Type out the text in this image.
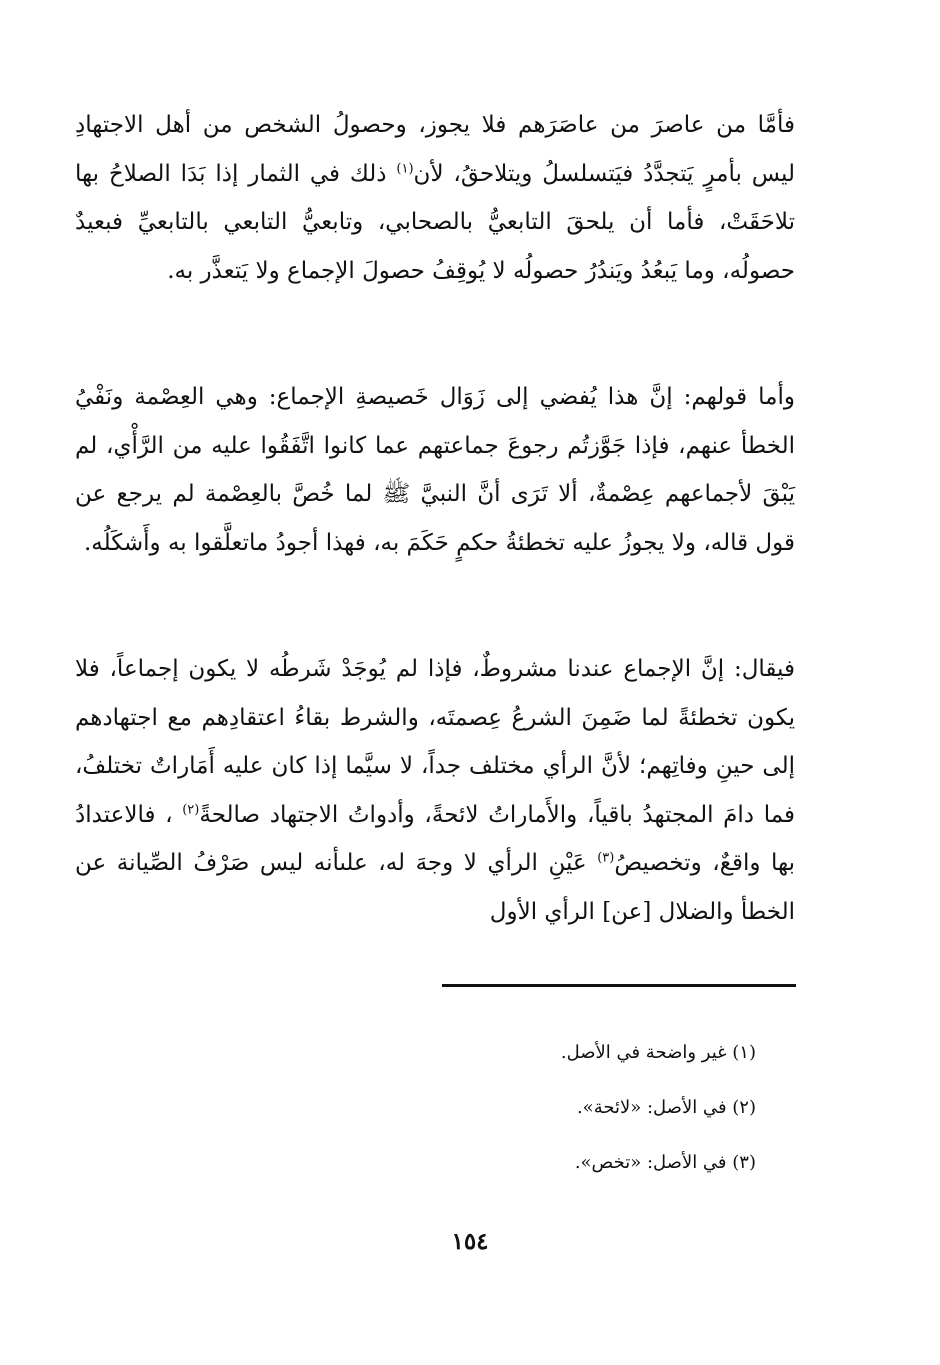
فأمَّا من عاصرَ من عاصَرَهم فلا يجوز، وحصولُ الشخص من أهل الاجتهادِ ليس بأمرٍ يَتجدَّدُ فيَتسلسلُ ويتلاحقُ، لأن$^{(١)}$ ذلك في الثمار إذا بَدَا الصلاحُ بها تلاحَقَتْ، فأما أن يلحقَ التابعيُّ بالصحابي، وتابعيُّ التابعي بالتابعيِّ فبعيدٌ حصولُه، وما يَبعُدُ ويَندُرُ حصولُه لا يُوقِفُ حصولَ الإجماع ولا يَتعذَّر به.

وأما قولهم: إنَّ هذا يُفضي إلى زَوَال خَصيصةِ الإجماع: وهي العِصْمة ونَفْيُ الخطأ عنهم، فإذا جَوَّزتُم رجوعَ جماعتهم عما كانوا اتَّفَقُوا عليه من الرَّأْي، لم يَبْقَ لأجماعهم عِصْمةٌ، ألا تَرَى أنَّ النبيَّ ﷺ لما خُصَّ بالعِصْمة لم يرجع عن قول قاله، ولا يجوزُ عليه تخطئةُ حكمٍ حَكَمَ به، فهذا أجودُ ماتعلَّقوا به وأَشكَلُه.

فيقال: إنَّ الإجماع عندنا مشروطٌ، فإذا لم يُوجَدْ شَرطُه لا يكون إجماعاً، فلا يكون تخطئةً لما ضَمِنَ الشرعُ عِصمتَه، والشرط بقاءُ اعتقادِهم مع اجتهادهم إلى حينِ وفاتِهم؛ لأنَّ الرأي مختلف جداً، لا سيَّما إذا كان عليه أَمَاراتٌ تختلفُ، فما دامَ المجتهدُ باقياً، والأَماراتُ لائحةً، وأدواتُ الاجتهاد صالحةً$^{(٢)}$ ، فالاعتدادُ بها واقعٌ، وتخصيصُ$^{(٣)}$ عَيْنِ الرأي لا وجهَ له، علىأنه ليس صَرْفُ الصِّيانة عن الخطأ والضلال [عن] الرأي الأول

(١) غير واضحة في الأصل.

(٢) في الأصل: «لائحة».

(٣) في الأصل: «تخص».

١٥٤
